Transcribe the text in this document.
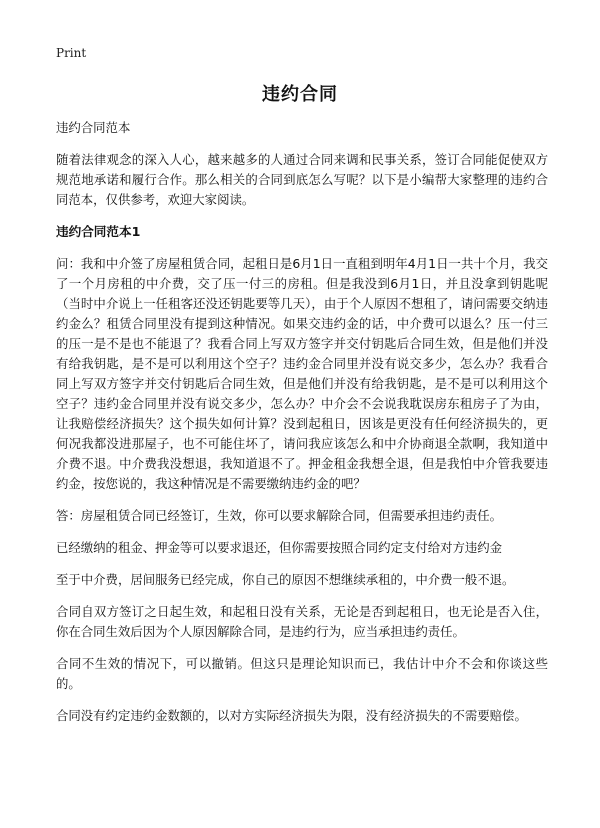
Print
违约合同

违约合同范本

随着法律观念的深入人心，越来越多的人通过合同来调和民事关系，签订合同能促使双方规范地承诺和履行合作。那么相关的合同到底怎么写呢？以下是小编帮大家整理的违约合同范本，仅供参考，欢迎大家阅读。

违约合同范本1

问：我和中介签了房屋租赁合同，起租日是6月1日一直租到明年4月1日一共十个月，我交了一个月房租的中介费，交了压一付三的房租。但是我没到6月1日，并且没拿到钥匙呢（当时中介说上一任租客还没还钥匙要等几天），由于个人原因不想租了，请问需要交纳违约金么？租赁合同里没有提到这种情况。如果交违约金的话，中介费可以退么？压一付三的压一是不是也不能退了？我看合同上写双方签字并交付钥匙后合同生效，但是他们并没有给我钥匙，是不是可以利用这个空子？违约金合同里并没有说交多少，怎么办？我看合同上写双方签字并交付钥匙后合同生效，但是他们并没有给我钥匙，是不是可以利用这个空子？违约金合同里并没有说交多少，怎么办？中介会不会说我耽误房东租房子了为由，让我赔偿经济损失？这个损失如何计算？没到起租日，因该是更没有任何经济损失的，更何况我都没进那屋子，也不可能住坏了，请问我应该怎么和中介协商退全款啊，我知道中介费不退。中介费我没想退，我知道退不了。押金租金我想全退，但是我怕中介管我要违约金，按您说的，我这种情况是不需要缴纳违约金的吧？

答：房屋租赁合同已经签订，生效，你可以要求解除合同，但需要承担违约责任。

已经缴纳的租金、押金等可以要求退还，但你需要按照合同约定支付给对方违约金

至于中介费，居间服务已经完成，你自己的原因不想继续承租的，中介费一般不退。

合同自双方签订之日起生效，和起租日没有关系，无论是否到起租日，也无论是否入住，你在合同生效后因为个人原因解除合同，是违约行为，应当承担违约责任。

合同不生效的情况下，可以撤销。但这只是理论知识而已，我估计中介不会和你谈这些的。

合同没有约定违约金数额的，以对方实际经济损失为限，没有经济损失的不需要赔偿。
